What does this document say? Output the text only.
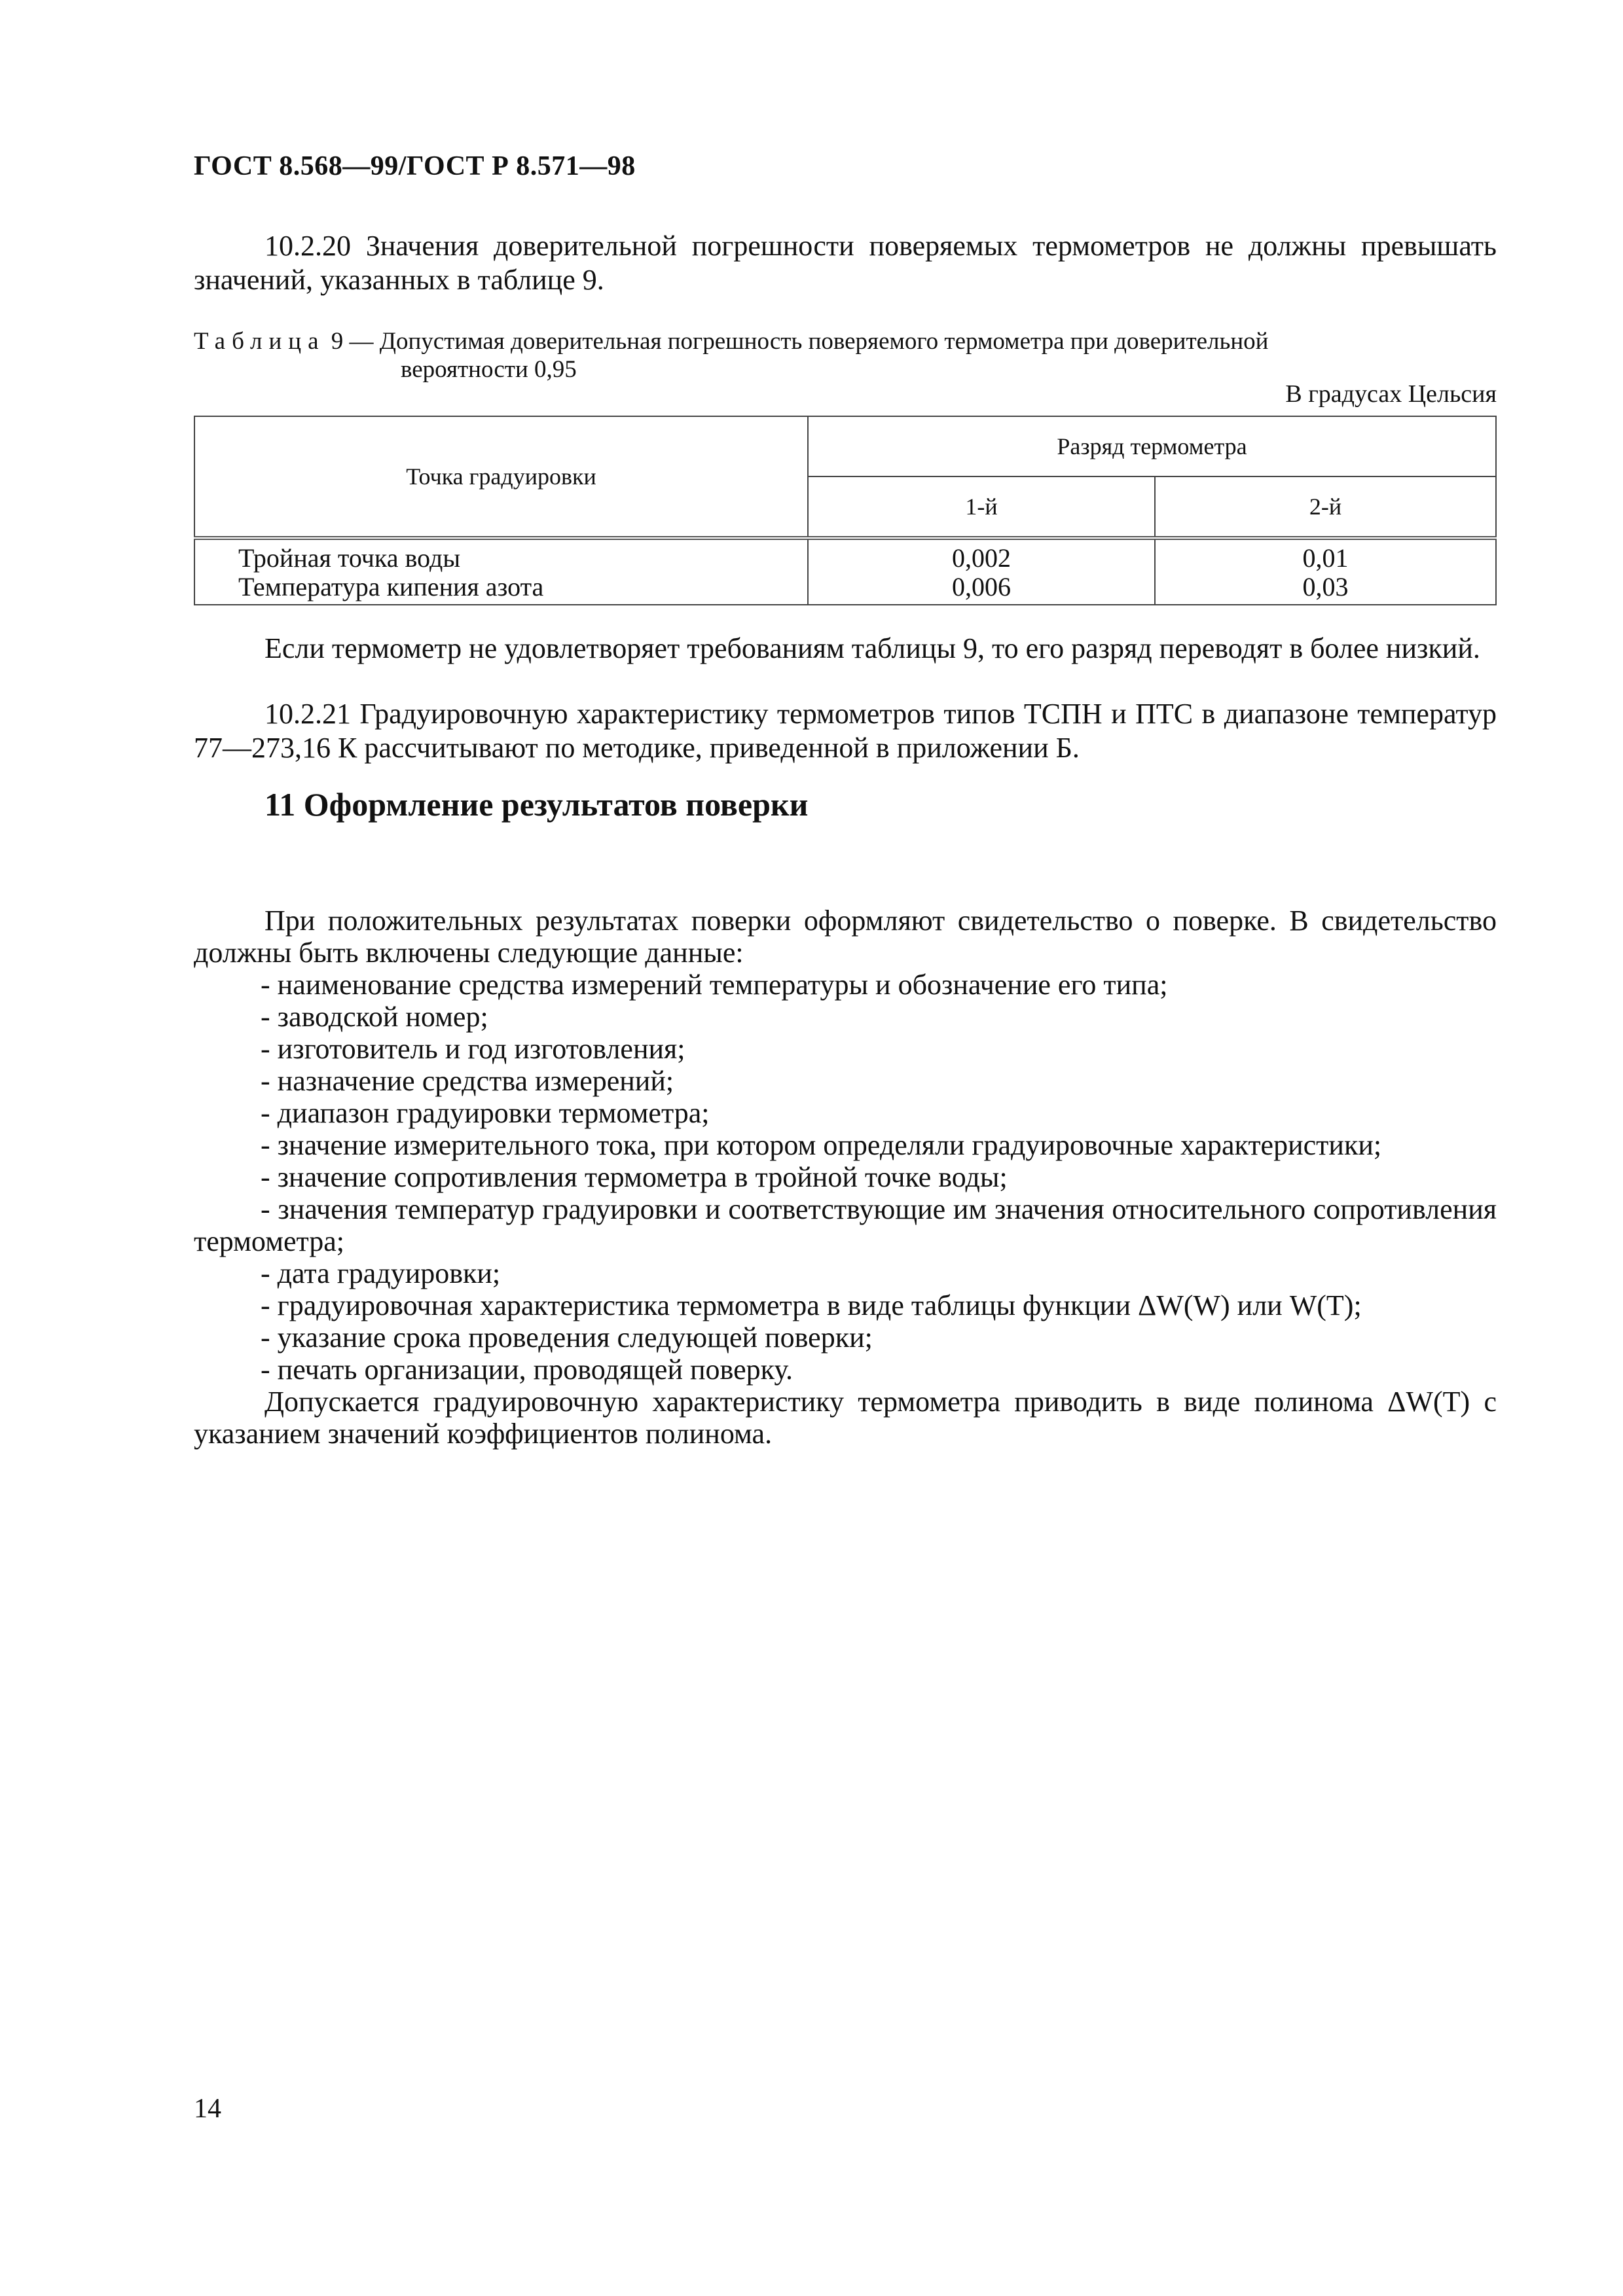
ГОСТ 8.568—99/ГОСТ Р 8.571—98
10.2.20 Значения доверительной погрешности поверяемых термометров не должны превышать значений, указанных в таблице 9.
Таблица 9 — Допустимая доверительная погрешность поверяемого термометра при доверительной
вероятности 0,95
В градусах Цельсия
Точка градуировки	Разряд термометра	
	1-й	2-й
Тройная точка воды	0,002	0,01
Температура кипения азота	0,006	0,03
Если термометр не удовлетворяет требованиям таблицы 9, то его разряд переводят в более низкий.
10.2.21 Градуировочную характеристику термометров типов ТСПН и ПТС в диапазоне температур 77—273,16 К рассчитывают по методике, приведенной в приложении Б.
11 Оформление результатов поверки
При положительных результатах поверки оформляют свидетельство о поверке. В свидетельство должны быть включены следующие данные:
- наименование средства измерений температуры и обозначение его типа;
- заводской номер;
- изготовитель и год изготовления;
- назначение средства измерений;
- диапазон градуировки термометра;
- значение измерительного тока, при котором определяли градуировочные характеристики;
- значение сопротивления термометра в тройной точке воды;
- значения температур градуировки и соответствующие им значения относительного сопротивления термометра;
- дата градуировки;
- градуировочная характеристика термометра в виде таблицы функции ΔW(W) или W(T);
- указание срока проведения следующей поверки;
- печать организации, проводящей поверку.
Допускается градуировочную характеристику термометра приводить в виде полинома ΔW(T) с указанием значений коэффициентов полинома.
14
